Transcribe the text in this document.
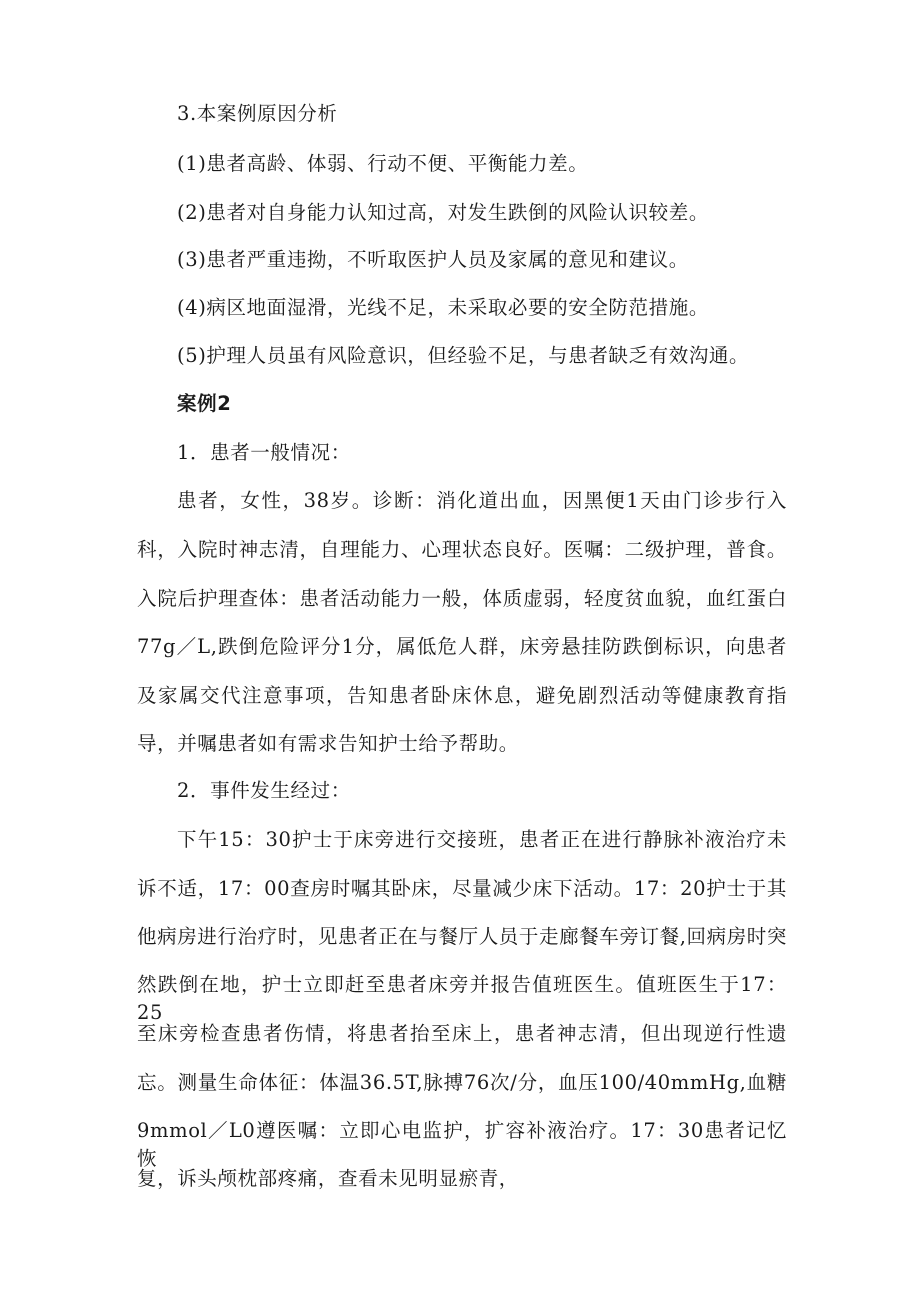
3.本案例原因分析
(1)患者高龄、体弱、行动不便、平衡能力差。
(2)患者对自身能力认知过高，对发生跌倒的风险认识较差。
(3)患者严重违拗，不听取医护人员及家属的意见和建议。
(4)病区地面湿滑，光线不足，未采取必要的安全防范措施。
(5)护理人员虽有风险意识，但经验不足，与患者缺乏有效沟通。
案例2
1．患者一般情况：
患者，女性，38岁。诊断：消化道出血，因黑便1天由门诊步行入
科，入院时神志清，自理能力、心理状态良好。医嘱：二级护理，普食。
入院后护理查体：患者活动能力一般，体质虚弱，轻度贫血貌，血红蛋白
77g／L,跌倒危险评分1分，属低危人群，床旁悬挂防跌倒标识，向患者
及家属交代注意事项，告知患者卧床休息，避免剧烈活动等健康教育指
导，并嘱患者如有需求告知护士给予帮助。
2．事件发生经过：
下午15：30护士于床旁进行交接班，患者正在进行静脉补液治疗未
诉不适，17：00查房时嘱其卧床，尽量减少床下活动。17：20护士于其
他病房进行治疗时，见患者正在与餐厅人员于走廊餐车旁订餐,回病房时突
然跌倒在地，护士立即赶至患者床旁并报告值班医生。值班医生于17：25
至床旁检查患者伤情，将患者抬至床上，患者神志清，但出现逆行性遗
忘。测量生命体征：体温36.5T,脉搏76次/分，血压100/40mmHg,血糖
9mmol／L0遵医嘱：立即心电监护，扩容补液治疗。17：30患者记忆恢
复，诉头颅枕部疼痛，查看未见明显瘀青，
